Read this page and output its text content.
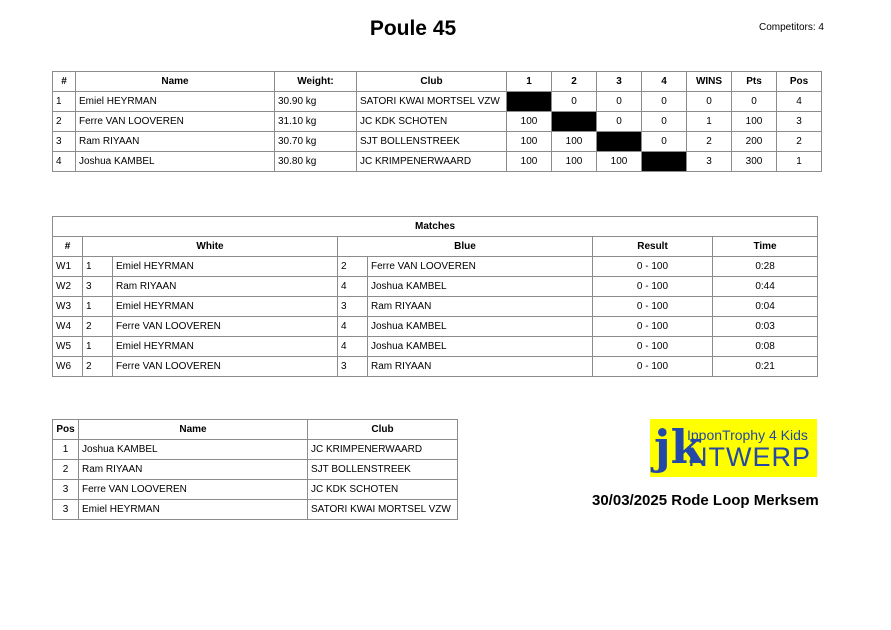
Poule 45	Competitors: 4
#	Name	Weight:	Club	1	2	3	4	WINS	Pts	Pos
1	Emiel HEYRMAN	30.90 kg	SATORI KWAI MORTSEL VZW		0	0	0	0	0	4
2	Ferre VAN LOOVEREN	31.10 kg	JC KDK SCHOTEN	100		0	0	1	100	3
3	Ram RIYAAN	30.70 kg	SJT BOLLENSTREEK	100	100		0	2	200	2
4	Joshua KAMBEL	30.80 kg	JC KRIMPENERWAARD	100	100	100		3	300	1
Matches						
#	White		Blue		Result	Time
W1	1	Emiel HEYRMAN	2	Ferre VAN LOOVEREN	0 - 100	0:28
W2	3	Ram RIYAAN	4	Joshua KAMBEL	0 - 100	0:44
W3	1	Emiel HEYRMAN	3	Ram RIYAAN	0 - 100	0:04
W4	2	Ferre VAN LOOVEREN	4	Joshua KAMBEL	0 - 100	0:03
W5	1	Emiel HEYRMAN	4	Joshua KAMBEL	0 - 100	0:08
W6	2	Ferre VAN LOOVEREN	3	Ram RIYAAN	0 - 100	0:21
Pos	Name	Club
1	Joshua KAMBEL	JC KRIMPENERWAARD
2	Ram RIYAAN	SJT BOLLENSTREEK
3	Ferre VAN LOOVEREN	JC KDK SCHOTEN
3	Emiel HEYRMAN	SATORI KWAI MORTSEL VZW
jk
IpponTrophy 4 Kids
NTWERP
30/03/2025 Rode Loop Merksem
